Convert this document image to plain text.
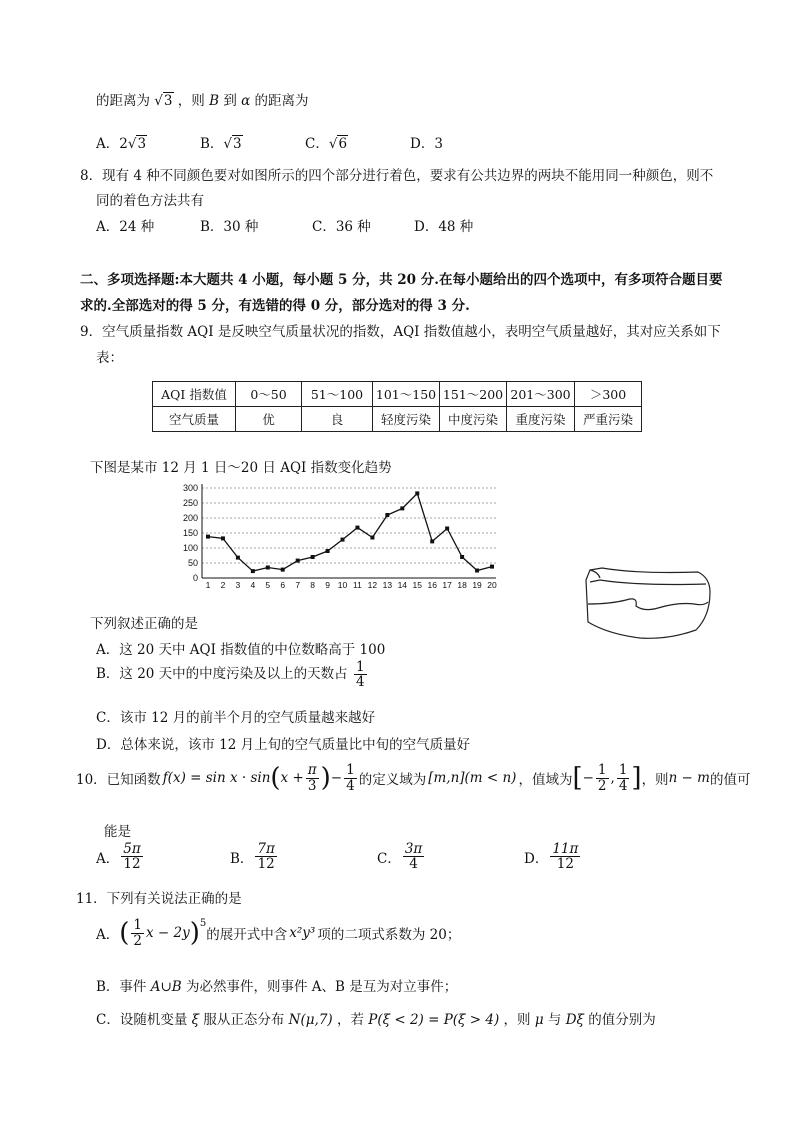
的距离为 √3 ，则 B 到 α 的距离为
A．2√3	B．√3	C．√6	D．3
8．现有 4 种不同颜色要对如图所示的四个部分进行着色，要求有公共边界的两块不能用同一种颜色，则不
同的着色方法共有
A．24 种	B．30 种	C．36 种	D．48 种
二、多项选择题:本大题共 4 小题，每小题 5 分，共 20 分.在每小题给出的四个选项中，有多项符合题目要
求的.全部选对的得 5 分，有选错的得 0 分，部分选对的得 3 分.
9．空气质量指数 AQI 是反映空气质量状况的指数，AQI 指数值越小，表明空气质量越好，其对应关系如下
表：
AQI 指数值	0～50	51～100	101～150	151～200	201～300	＞300
空气质量	优	良	轻度污染	中度污染	重度污染	严重污染
下图是某市 12 月 1 日～20 日 AQI 指数变化趋势
0
50
100
150
200
250
300
1 2 3 4 5 6 7 8 9 10 11 12 13 14 15 16 17 18 19 20
下列叙述正确的是
A．这 20 天中 AQI 指数值的中位数略高于 100
B．这 20 天中的中度污染及以上的天数占 $\frac{1}{4}$
C．该市 12 月的前半个月的空气质量越来越好
D．总体来说，该市 12 月上旬的空气质量比中旬的空气质量好
10．已知函数 f(x) = sin x · sin ( $x + \frac{\pi}{3}$ ) − $\frac{1}{4}$ 的定义域为 [m,n](m < n) ，值域为 [ − $\frac{1}{2}$ , $\frac{1}{4}$ ] ，则 n − m 的值可
能是
A． $\frac{5\pi}{12}$	B． $\frac{7\pi}{12}$	C． $\frac{3\pi}{4}$	D． $\frac{11\pi}{12}$
11．下列有关说法正确的是
A． ( $\frac{1}{2}$ x − 2y )$^5$
的展开式中含 x²y³ 项的二项式系数为 20；
B．事件 A∪B 为必然事件，则事件 A、B 是互为对立事件；
C．设随机变量 ξ 服从正态分布 N(μ,7) ，若 P(ξ < 2) = P(ξ > 4) ，则 μ 与 Dξ 的值分别为
